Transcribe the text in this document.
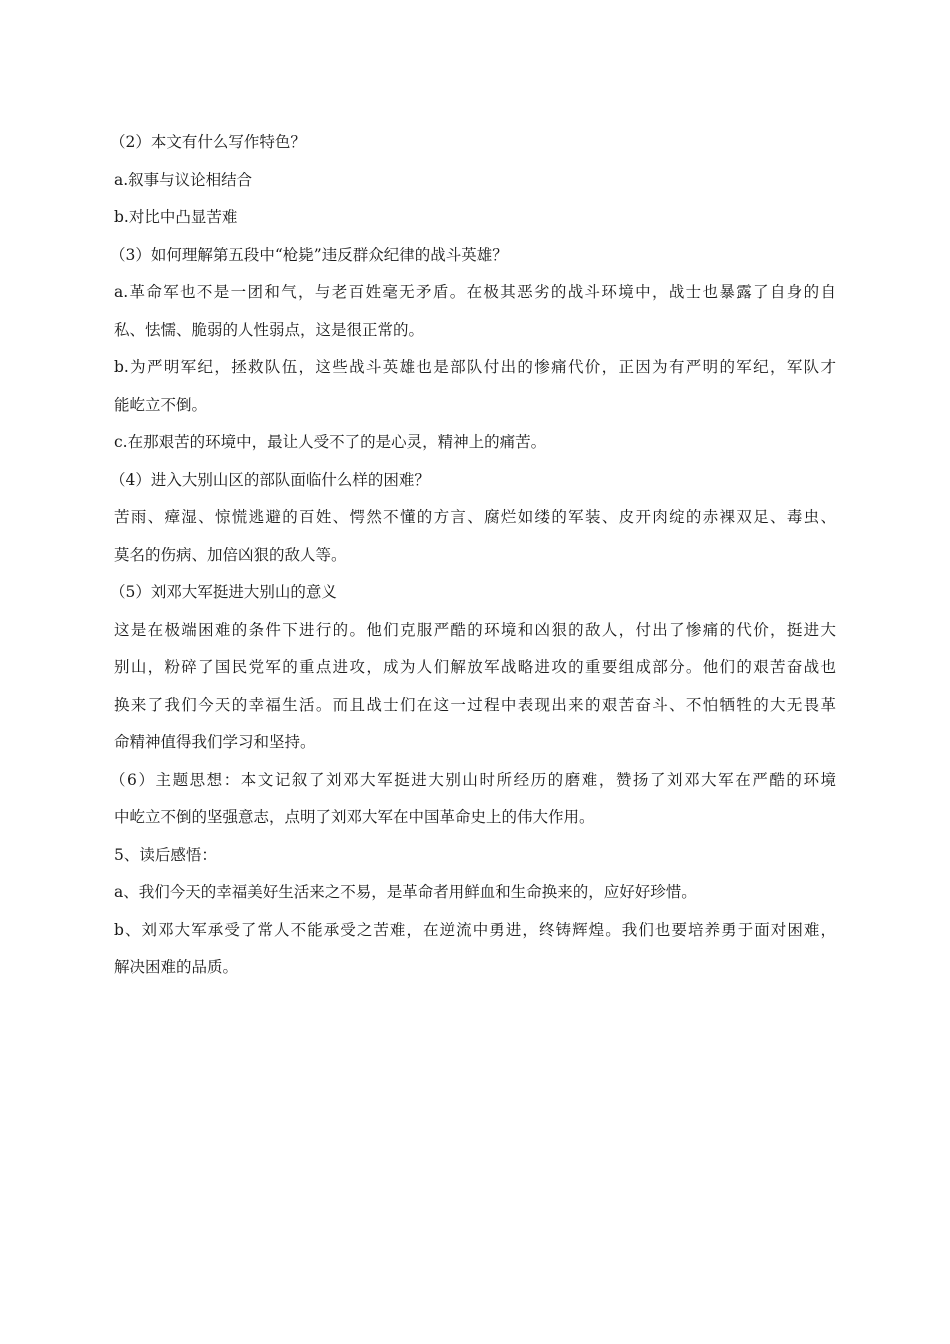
（2）本文有什么写作特色？
a.叙事与议论相结合
b.对比中凸显苦难
（3）如何理解第五段中“枪毙”违反群众纪律的战斗英雄？
a.革命军也不是一团和气，与老百姓毫无矛盾。在极其恶劣的战斗环境中，战士也暴露了自身的自
私、怯懦、脆弱的人性弱点，这是很正常的。
b.为严明军纪，拯救队伍，这些战斗英雄也是部队付出的惨痛代价，正因为有严明的军纪，军队才
能屹立不倒。
c.在那艰苦的环境中，最让人受不了的是心灵，精神上的痛苦。
（4）进入大别山区的部队面临什么样的困难？
苦雨、瘴湿、惊慌逃避的百姓、愕然不懂的方言、腐烂如缕的军装、皮开肉绽的赤裸双足、毒虫、
莫名的伤病、加倍凶狠的敌人等。
（5）刘邓大军挺进大别山的意义
这是在极端困难的条件下进行的。他们克服严酷的环境和凶狠的敌人，付出了惨痛的代价，挺进大
别山，粉碎了国民党军的重点进攻，成为人们解放军战略进攻的重要组成部分。他们的艰苦奋战也
换来了我们今天的幸福生活。而且战士们在这一过程中表现出来的艰苦奋斗、不怕牺牲的大无畏革
命精神值得我们学习和坚持。
（6）主题思想：本文记叙了刘邓大军挺进大别山时所经历的磨难，赞扬了刘邓大军在严酷的环境
中屹立不倒的坚强意志，点明了刘邓大军在中国革命史上的伟大作用。
5、读后感悟：
a、我们今天的幸福美好生活来之不易，是革命者用鲜血和生命换来的，应好好珍惜。
b、刘邓大军承受了常人不能承受之苦难，在逆流中勇进，终铸辉煌。我们也要培养勇于面对困难，
解决困难的品质。
